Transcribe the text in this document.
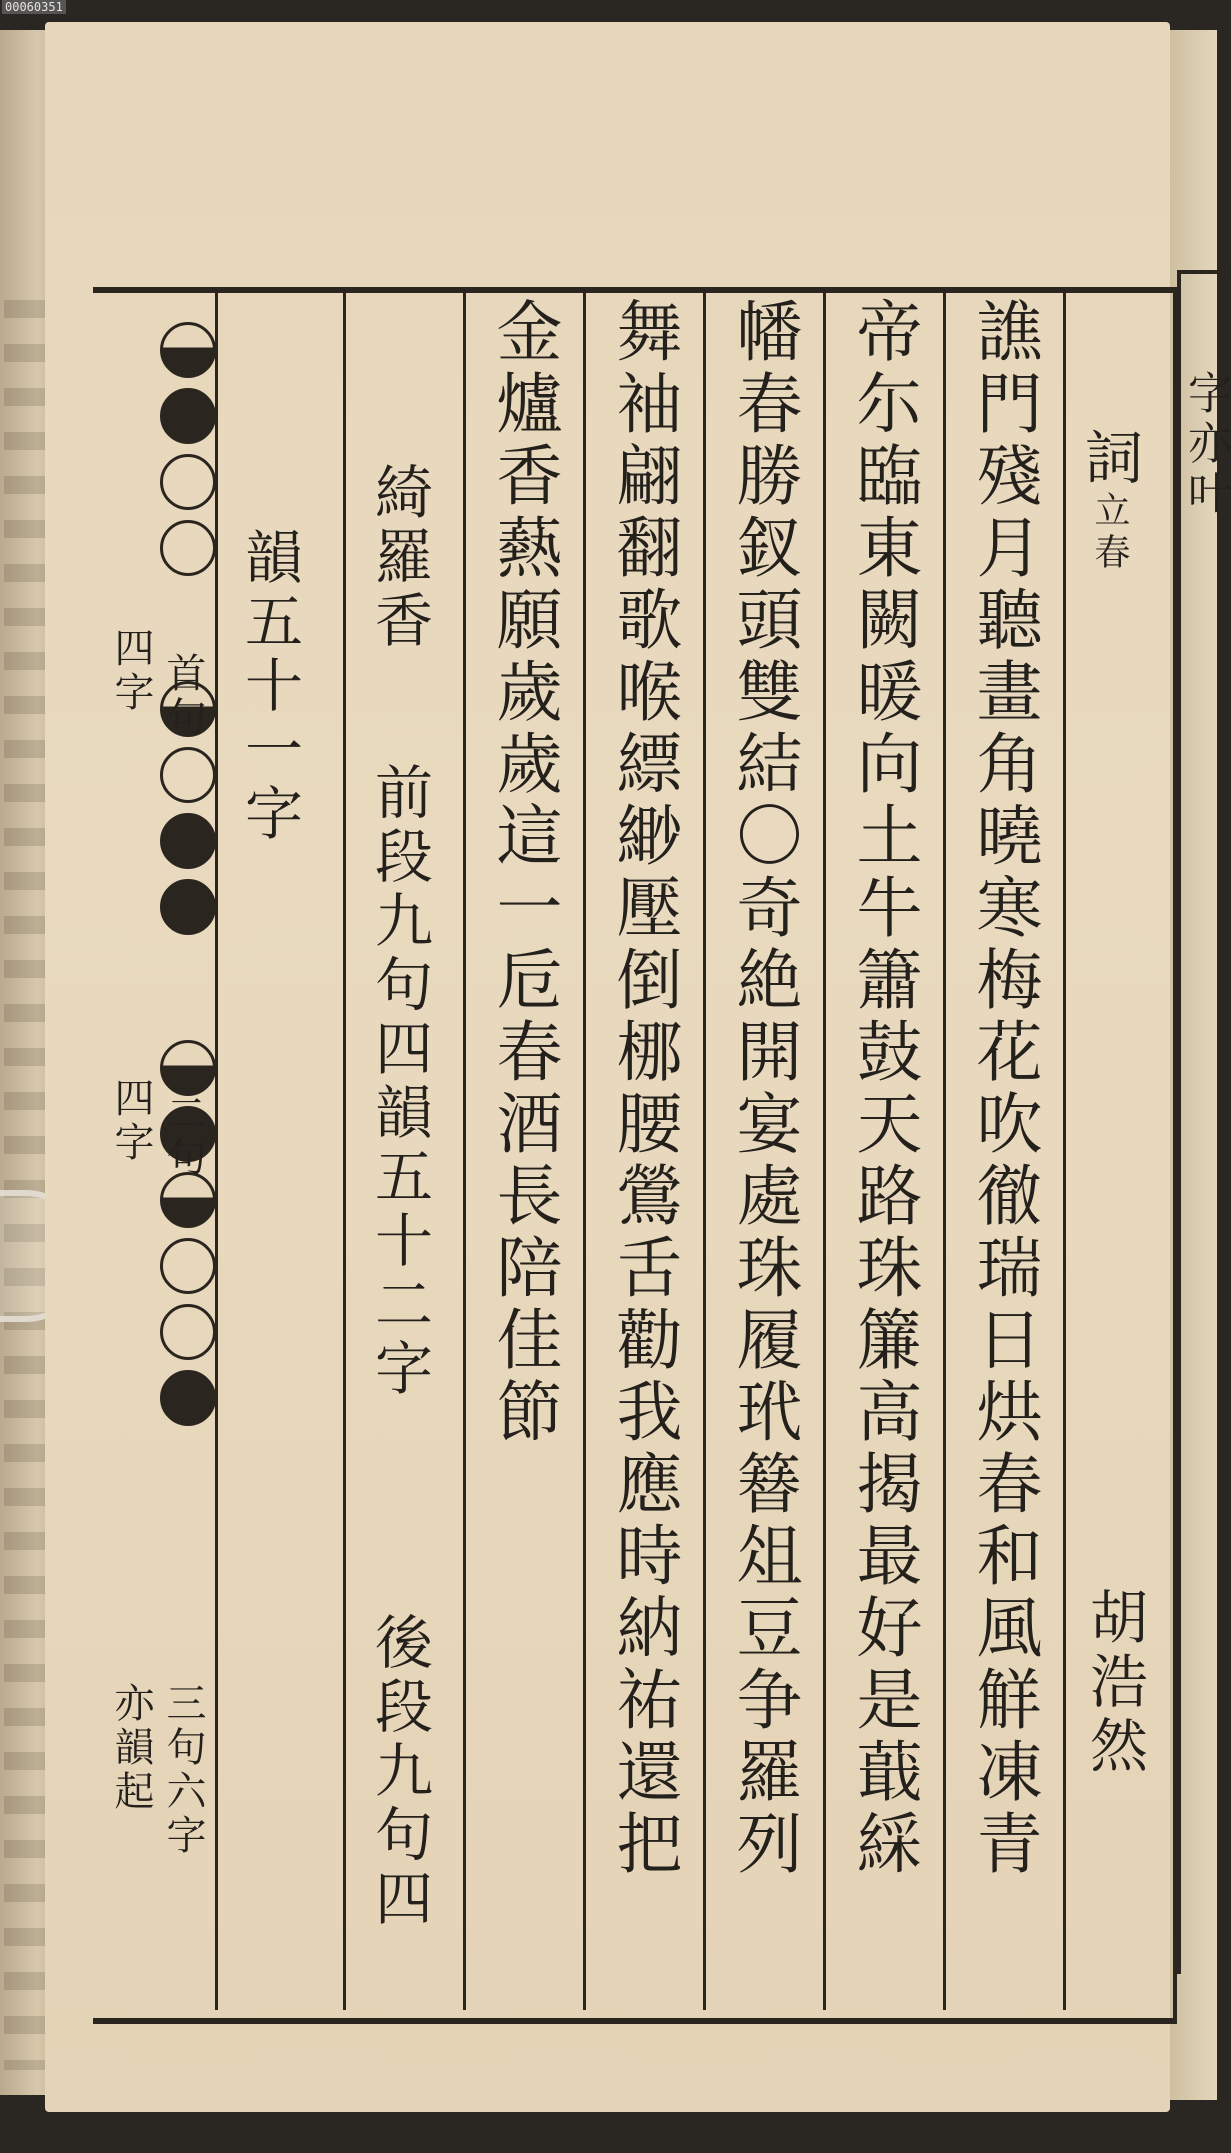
00060351
字亦叶
詞立春
胡浩然
譙門殘月聽畫角曉寒梅花吹徹瑞日烘春和風觧凍青
帝尓臨東闕暖向土牛簫鼓天路珠簾高揭最好是蕺綵
幡春勝釵頭雙結〇奇絶開宴處珠履玳簮俎豆争羅列
舞袖翩翻歌喉縹緲壓倒梛腰鶯舌勸我應時納祐還把
金爐香爇願歲歲這一卮春酒長陪佳節
綺羅香
前段九句四韻五十二字
後段九句四
韻五十一字
首句
四字
二句
四字
三句六字
亦韻起
